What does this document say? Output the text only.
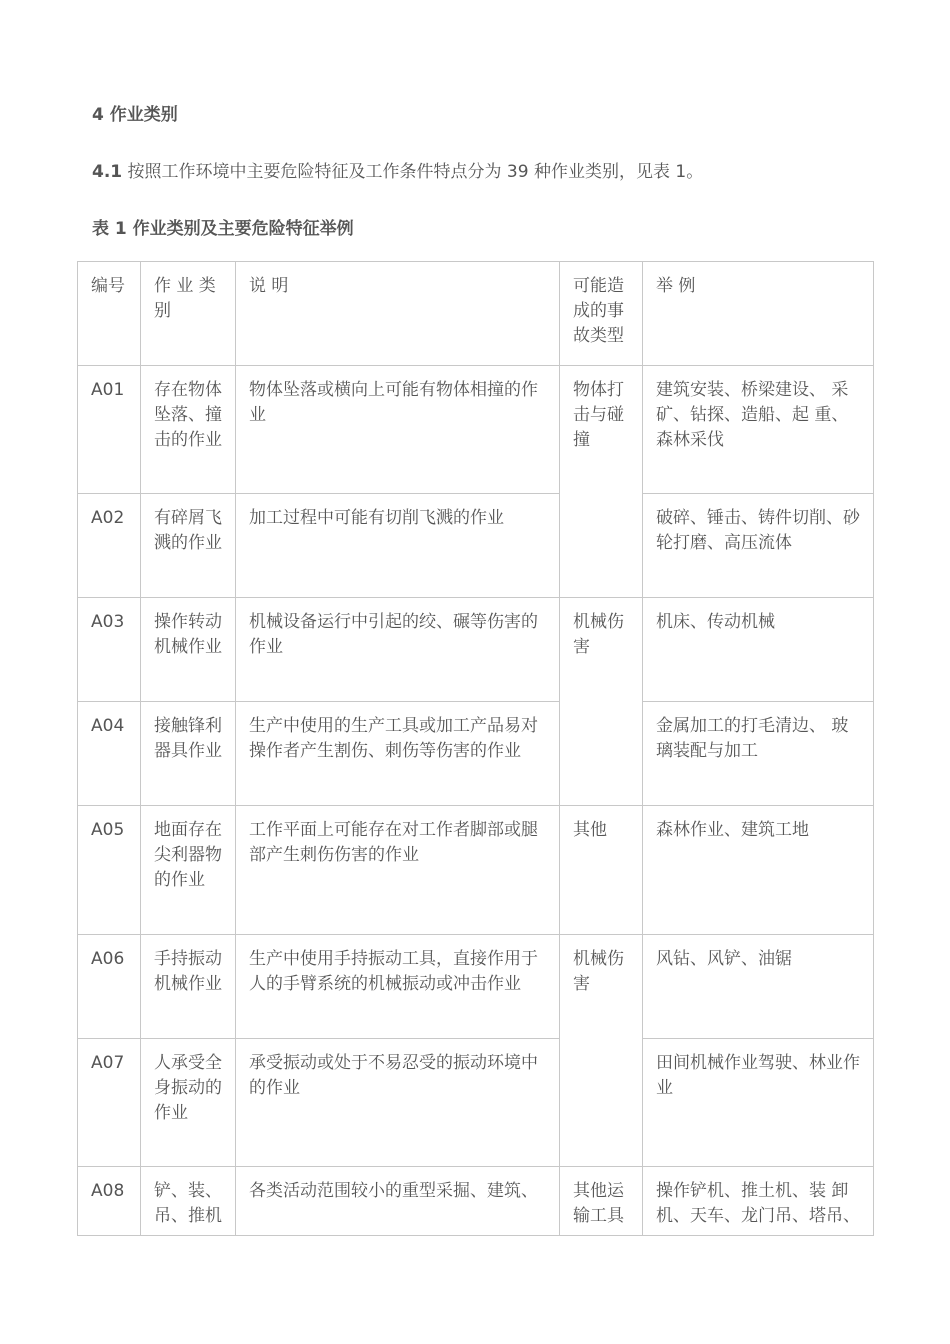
4 作业类别
4.1 按照工作环境中主要危险特征及工作条件特点分为 39 种作业类别，见表 1。
表 1 作业类别及主要危险特征举例
编号	作 业 类 别	说 明	可能造成的事故类型	举 例
A01	存在物体坠落、撞击的作业	物体坠落或横向上可能有物体相撞的作业	物体打击与碰撞	建筑安装、桥梁建设、 采矿、钻探、造船、起 重、森林采伐
A02	有碎屑飞溅的作业	加工过程中可能有切削飞溅的作业		破碎、锤击、铸件切削、砂轮打磨、高压流体
A03	操作转动机械作业	机械设备运行中引起的绞、碾等伤害的作业	机械伤害	机床、传动机械
A04	接触锋利器具作业	生产中使用的生产工具或加工产品易对操作者产生割伤、刺伤等伤害的作业		金属加工的打毛清边、 玻璃装配与加工
A05	地面存在尖利器物的作业	工作平面上可能存在对工作者脚部或腿部产生刺伤伤害的作业	其他	森林作业、建筑工地
A06	手持振动机械作业	生产中使用手持振动工具，直接作用于人的手臂系统的机械振动或冲击作业	机械伤害	风钻、风铲、油锯
A07	人承受全身振动的作业	承受振动或处于不易忍受的振动环境中的作业		田间机械作业驾驶、林业作业
A08	铲、装、吊、推机	各类活动范围较小的重型采掘、建筑、	其他运输工具	操作铲机、推土机、装 卸机、天车、龙门吊、塔吊、
